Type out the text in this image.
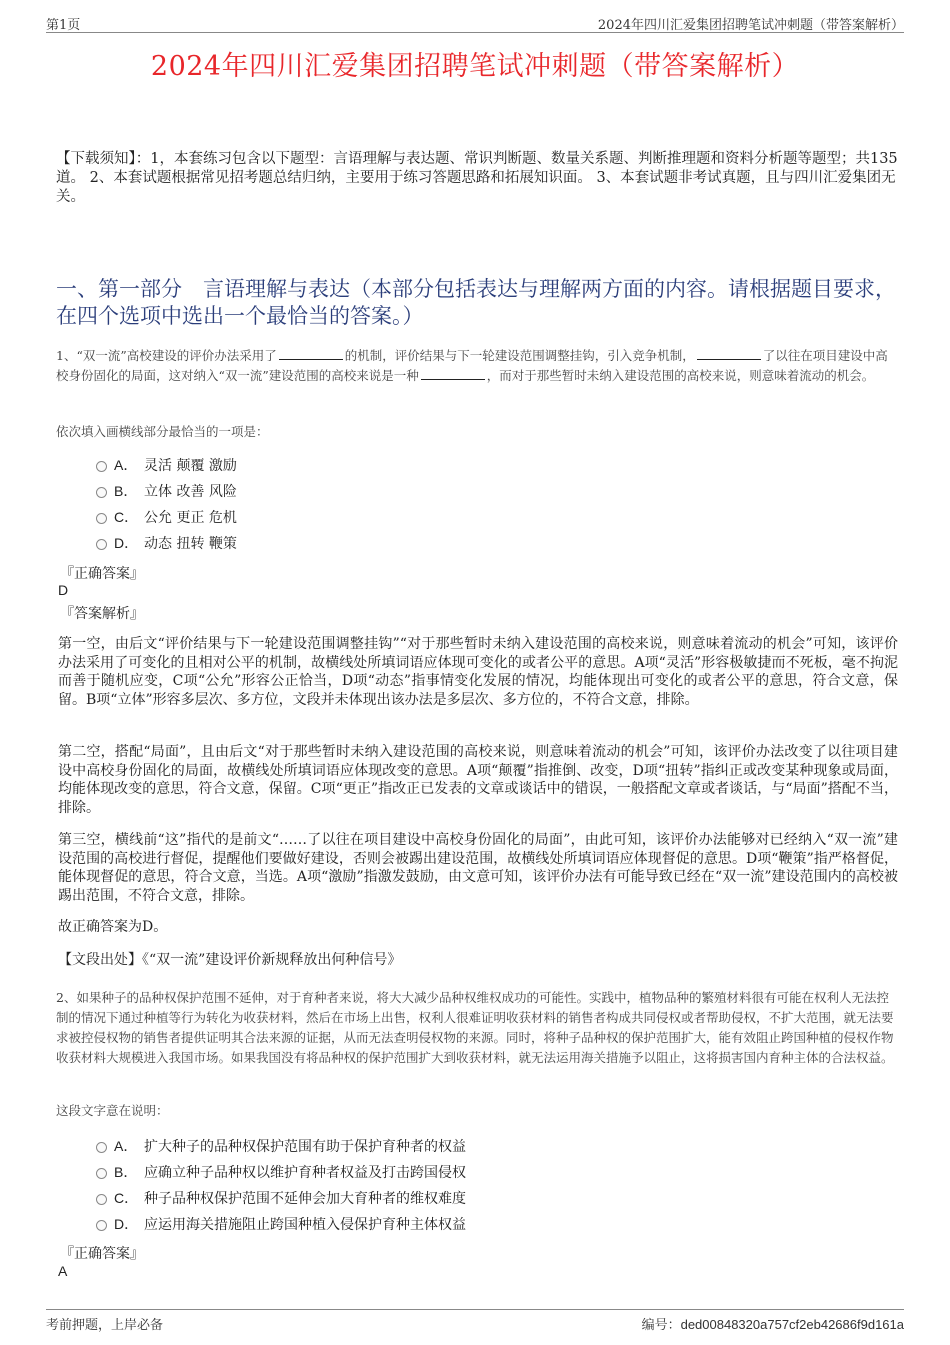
第1页	2024年四川汇爱集团招聘笔试冲刺题（带答案解析）
2024年四川汇爱集团招聘笔试冲刺题（带答案解析）
【下载须知】：1，本套练习包含以下题型：言语理解与表达题、常识判断题、数量关系题、判断推理题和资料分析题等题型；共135道。 2、本套试题根据常见招考题总结归纳，主要用于练习答题思路和拓展知识面。 3、本套试题非考试真题，且与四川汇爱集团无关。
一、第一部分　言语理解与表达（本部分包括表达与理解两方面的内容。请根据题目要求，在四个选项中选出一个最恰当的答案。）
1、“双一流”高校建设的评价办法采用了	的机制，评价结果与下一轮建设范围调整挂钩，引入竞争机制，	了以往在项目建设中高校身份固化的局面，这对纳入“双一流”建设范围的高校来说是一种	，而对于那些暂时未纳入建设范围的高校来说，则意味着流动的机会。
依次填入画横线部分最恰当的一项是：
A． 灵活 颠覆 激励
B． 立体 改善 风险
C． 公允 更正 危机
D． 动态 扭转 鞭策
『正确答案』
D
『答案解析』
第一空，由后文“评价结果与下一轮建设范围调整挂钩”“对于那些暂时未纳入建设范围的高校来说，则意味着流动的机会”可知，该评价办法采用了可变化的且相对公平的机制，故横线处所填词语应体现可变化的或者公平的意思。A项“灵活”形容极敏捷而不死板，毫不拘泥而善于随机应变，C项“公允”形容公正恰当，D项“动态”指事情变化发展的情况，均能体现出可变化的或者公平的意思，符合文意，保留。B项“立体”形容多层次、多方位，文段并未体现出该办法是多层次、多方位的，不符合文意，排除。
第二空，搭配“局面”，且由后文“对于那些暂时未纳入建设范围的高校来说，则意味着流动的机会”可知，该评价办法改变了以往项目建设中高校身份固化的局面，故横线处所填词语应体现改变的意思。A项“颠覆”指推倒、改变，D项“扭转”指纠正或改变某种现象或局面，均能体现改变的意思，符合文意，保留。C项“更正”指改正已发表的文章或谈话中的错误，一般搭配文章或者谈话，与“局面”搭配不当，排除。
第三空，横线前“这”指代的是前文“……了以往在项目建设中高校身份固化的局面”，由此可知，该评价办法能够对已经纳入“双一流”建设范围的高校进行督促，提醒他们要做好建设，否则会被踢出建设范围，故横线处所填词语应体现督促的意思。D项“鞭策”指严格督促，能体现督促的意思，符合文意，当选。A项“激励”指激发鼓励，由文意可知，该评价办法有可能导致已经在“双一流”建设范围内的高校被踢出范围，不符合文意，排除。
故正确答案为D。
【文段出处】《“双一流”建设评价新规释放出何种信号》
2、如果种子的品种权保护范围不延伸，对于育种者来说，将大大减少品种权维权成功的可能性。实践中，植物品种的繁殖材料很有可能在权利人无法控制的情况下通过种植等行为转化为收获材料，然后在市场上出售，权利人很难证明收获材料的销售者构成共同侵权或者帮助侵权，不扩大范围，就无法要求被控侵权物的销售者提供证明其合法来源的证据，从而无法查明侵权物的来源。同时，将种子品种权的保护范围扩大，能有效阻止跨国种植的侵权作物收获材料大规模进入我国市场。如果我国没有将品种权的保护范围扩大到收获材料，就无法运用海关措施予以阻止，这将损害国内育种主体的合法权益。
这段文字意在说明：
A． 扩大种子的品种权保护范围有助于保护育种者的权益
B． 应确立种子品种权以维护育种者权益及打击跨国侵权
C． 种子品种权保护范围不延伸会加大育种者的维权难度
D． 应运用海关措施阻止跨国种植入侵保护育种主体权益
『正确答案』
A
考前押题，上岸必备	编号：ded00848320a757cf2eb42686f9d161a
